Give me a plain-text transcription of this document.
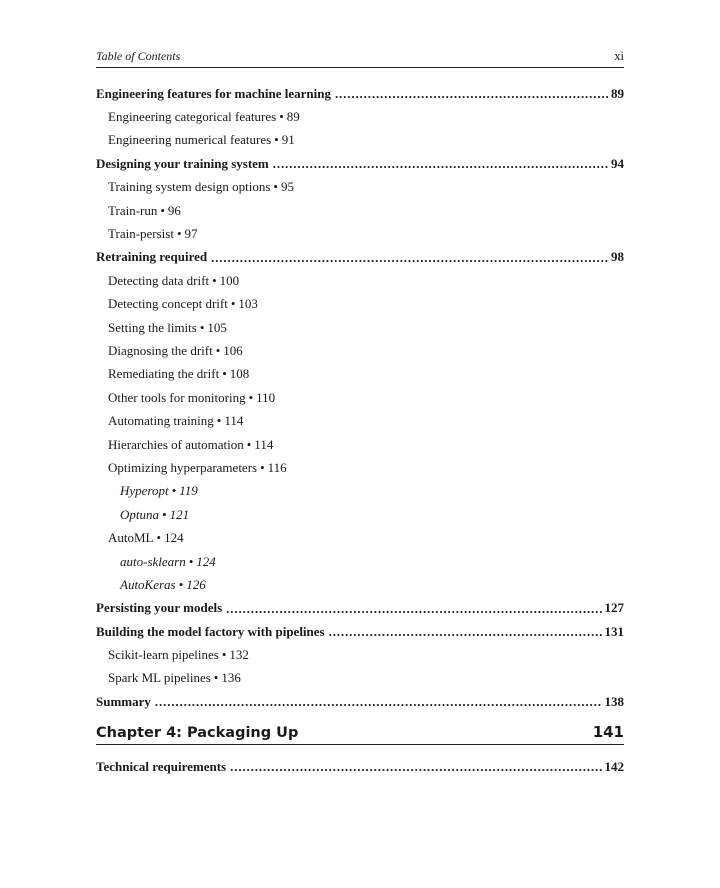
Table of Contents	xi
Engineering features for machine learning . . .	89
Engineering categorical features • 89
Engineering numerical features • 91
Designing your training system . . .	94
Training system design options • 95
Train-run • 96
Train-persist • 97
Retraining required . . .	98
Detecting data drift • 100
Detecting concept drift • 103
Setting the limits • 105
Diagnosing the drift • 106
Remediating the drift • 108
Other tools for monitoring • 110
Automating training • 114
Hierarchies of automation • 114
Optimizing hyperparameters • 116
Hyperopt • 119
Optuna • 121
AutoML • 124
auto-sklearn • 124
AutoKeras • 126
Persisting your models . . .	127
Building the model factory with pipelines . . .	131
Scikit-learn pipelines • 132
Spark ML pipelines • 136
Summary . . .	138
Chapter 4: Packaging Up	141
Technical requirements . . .	142
